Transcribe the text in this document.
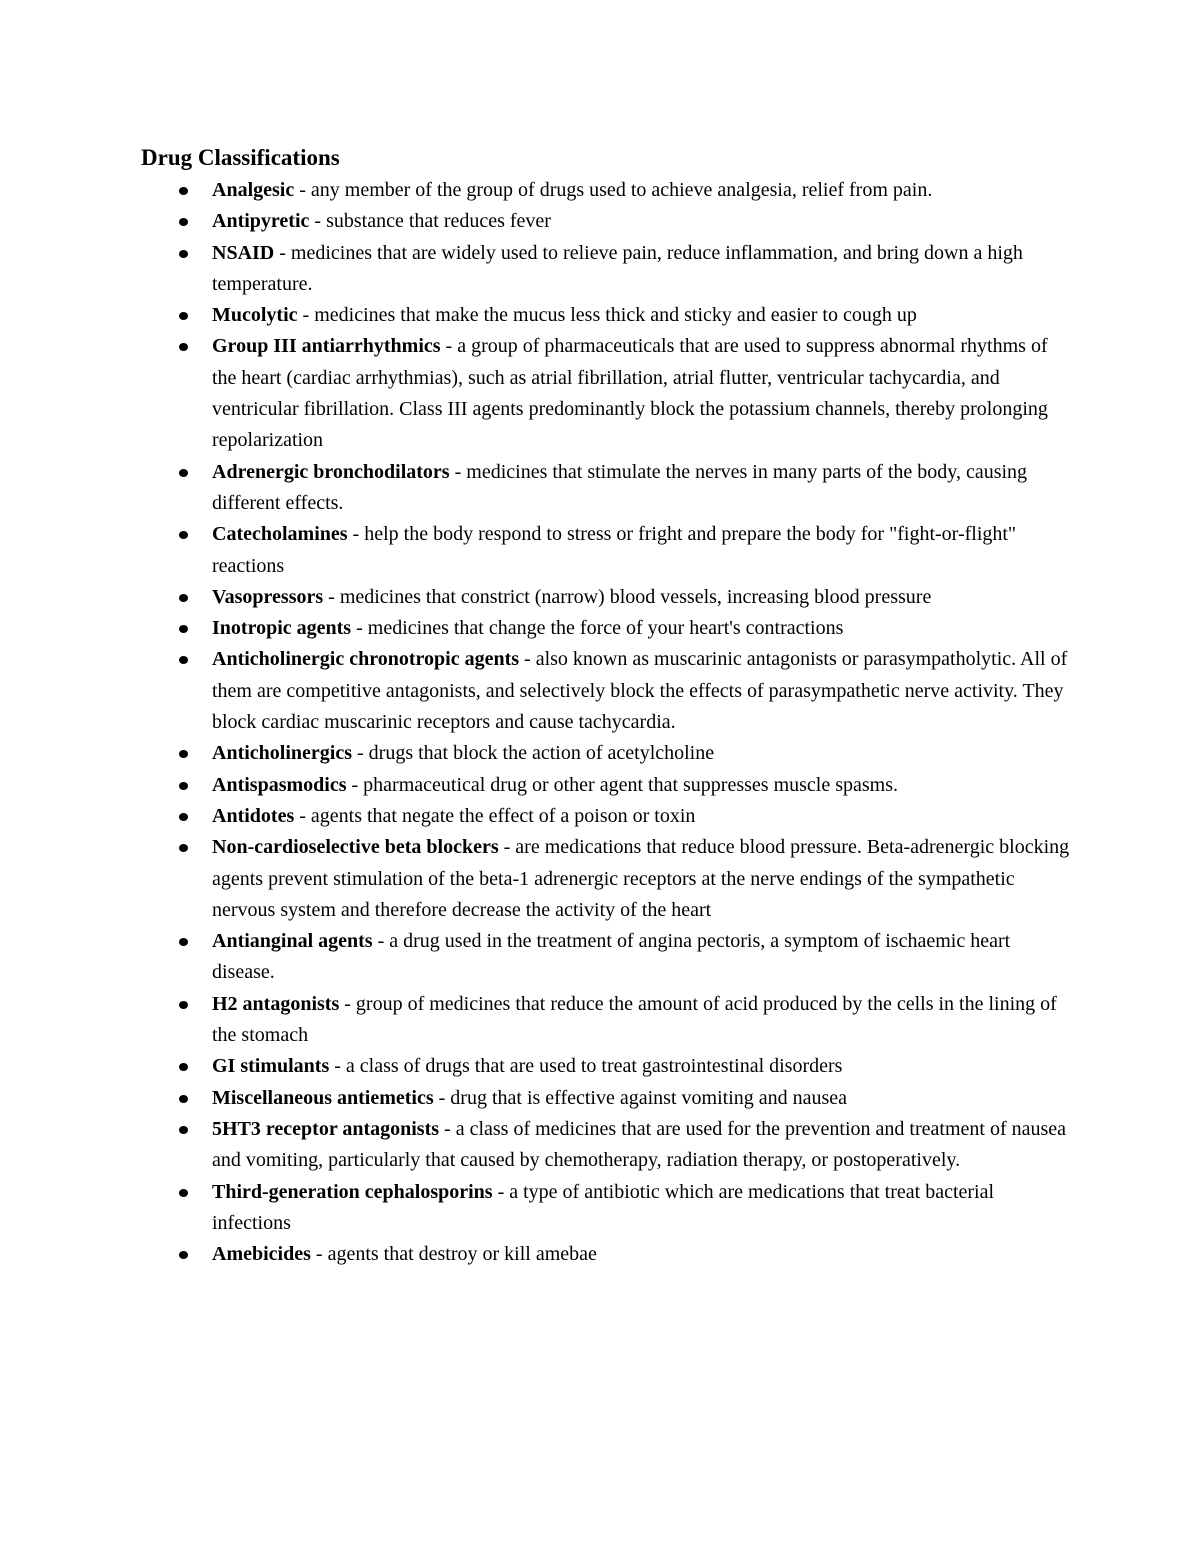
Drug Classifications
Analgesic - any member of the group of drugs used to achieve analgesia, relief from pain.
Antipyretic - substance that reduces fever
NSAID - medicines that are widely used to relieve pain, reduce inflammation, and bring down a high temperature.
Mucolytic - medicines that make the mucus less thick and sticky and easier to cough up
Group III antiarrhythmics - a group of pharmaceuticals that are used to suppress abnormal rhythms of the heart (cardiac arrhythmias), such as atrial fibrillation, atrial flutter, ventricular tachycardia, and ventricular fibrillation. Class III agents predominantly block the potassium channels, thereby prolonging repolarization
Adrenergic bronchodilators - medicines that stimulate the nerves in many parts of the body, causing different effects.
Catecholamines - help the body respond to stress or fright and prepare the body for "fight-or-flight" reactions
Vasopressors - medicines that constrict (narrow) blood vessels, increasing blood pressure
Inotropic agents - medicines that change the force of your heart's contractions
Anticholinergic chronotropic agents - also known as muscarinic antagonists or parasympatholytic. All of them are competitive antagonists, and selectively block the effects of parasympathetic nerve activity. They block cardiac muscarinic receptors and cause tachycardia.
Anticholinergics - drugs that block the action of acetylcholine
Antispasmodics - pharmaceutical drug or other agent that suppresses muscle spasms.
Antidotes - agents that negate the effect of a poison or toxin
Non-cardioselective beta blockers - are medications that reduce blood pressure. Beta-adrenergic blocking agents prevent stimulation of the beta-1 adrenergic receptors at the nerve endings of the sympathetic nervous system and therefore decrease the activity of the heart
Antianginal agents - a drug used in the treatment of angina pectoris, a symptom of ischaemic heart disease.
H2 antagonists - group of medicines that reduce the amount of acid produced by the cells in the lining of the stomach
GI stimulants - a class of drugs that are used to treat gastrointestinal disorders
Miscellaneous antiemetics - drug that is effective against vomiting and nausea
5HT3 receptor antagonists - a class of medicines that are used for the prevention and treatment of nausea and vomiting, particularly that caused by chemotherapy, radiation therapy, or postoperatively.
Third-generation cephalosporins - a type of antibiotic which are medications that treat bacterial infections
Amebicides - agents that destroy or kill amebae
